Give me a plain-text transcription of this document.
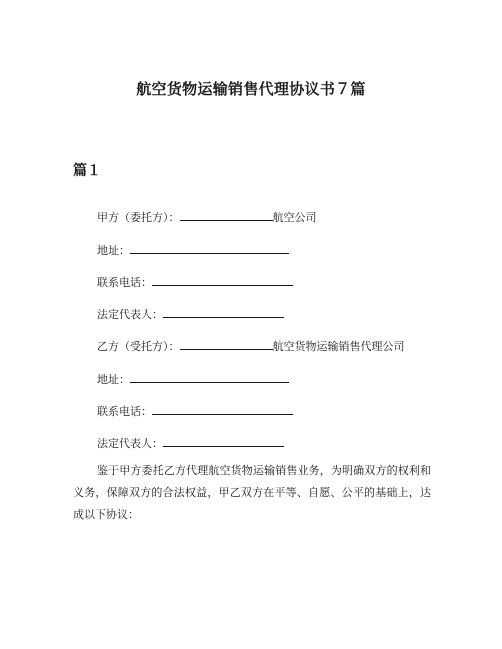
航空货物运输销售代理协议书７篇
篇１
甲方（委托方）：	航空公司
地址：
联系电话：
法定代表人：
乙方（受托方）：	航空货物运输销售代理公司
地址：
联系电话：
法定代表人：
鉴于甲方委托乙方代理航空货物运输销售业务，为明确双方的权利和义务，保障双方的合法权益，甲乙双方在平等、自愿、公平的基础上，达成以下协议：
